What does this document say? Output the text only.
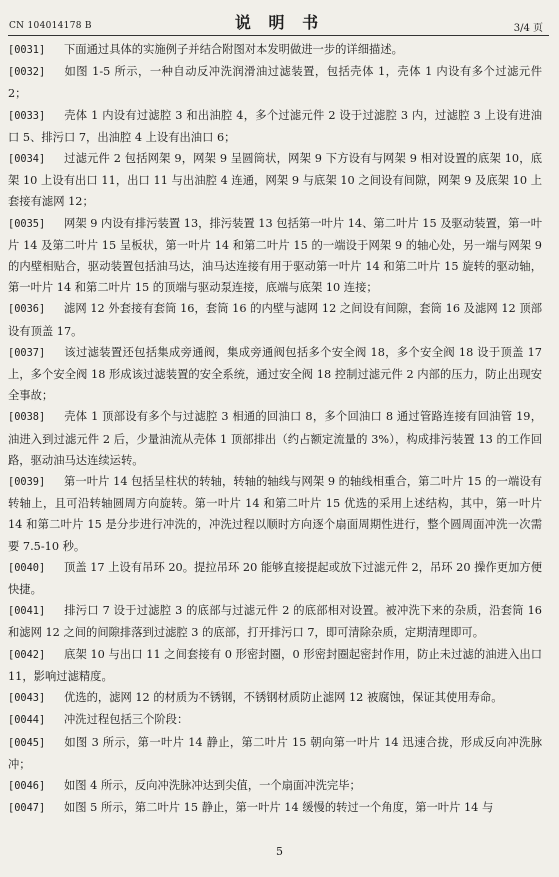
CN 104014178 B	说 明 书	3/4 页

[0031] 下面通过具体的实施例子并结合附图对本发明做进一步的详细描述。

[0032] 如图 1-5 所示，一种自动反冲洗润滑油过滤装置，包括壳体 1，壳体 1 内设有多个过滤元件 2；

[0033] 壳体 1 内设有过滤腔 3 和出油腔 4，多个过滤元件 2 设于过滤腔 3 内，过滤腔 3 上设有进油口 5、排污口 7，出油腔 4 上设有出油口 6；

[0034] 过滤元件 2 包括网架 9，网架 9 呈圆筒状，网架 9 下方设有与网架 9 相对设置的底架 10，底架 10 上设有出口 11，出口 11 与出油腔 4 连通，网架 9 与底架 10 之间设有间隙，网架 9 及底架 10 上套接有滤网 12；

[0035] 网架 9 内设有排污装置 13，排污装置 13 包括第一叶片 14、第二叶片 15 及驱动装置，第一叶片 14 及第二叶片 15 呈板状，第一叶片 14 和第二叶片 15 的一端设于网架 9 的轴心处，另一端与网架 9 的内壁相贴合，驱动装置包括油马达，油马达连接有用于驱动第一叶片 14 和第二叶片 15 旋转的驱动轴，第一叶片 14 和第二叶片 15 的顶端与驱动泵连接，底端与底架 10 连接；

[0036] 滤网 12 外套接有套筒 16，套筒 16 的内壁与滤网 12 之间设有间隙，套筒 16 及滤网 12 顶部设有顶盖 17。

[0037] 该过滤装置还包括集成旁通阀，集成旁通阀包括多个安全阀 18，多个安全阀 18 设于顶盖 17 上，多个安全阀 18 形成该过滤装置的安全系统，通过安全阀 18 控制过滤元件 2 内部的压力，防止出现安全事故；

[0038] 壳体 1 顶部设有多个与过滤腔 3 相通的回油口 8，多个回油口 8 通过管路连接有回油管 19，油进入到过滤元件 2 后，少量油流从壳体 1 顶部排出（约占额定流量的 3%），构成排污装置 13 的工作回路，驱动油马达连续运转。

[0039] 第一叶片 14 包括呈柱状的转轴，转轴的轴线与网架 9 的轴线相重合，第二叶片 15 的一端设有转轴上，且可沿转轴圆周方向旋转。第一叶片 14 和第二叶片 15 优选的采用上述结构，其中，第一叶片 14 和第二叶片 15 是分步进行冲洗的，冲洗过程以顺时方向逐个扇面周期性进行，整个圆周面冲洗一次需要 7.5-10 秒。

[0040] 顶盖 17 上设有吊环 20。提拉吊环 20 能够直接提起或放下过滤元件 2，吊环 20 操作更加方便快捷。

[0041] 排污口 7 设于过滤腔 3 的底部与过滤元件 2 的底部相对设置。被冲洗下来的杂质，沿套筒 16 和滤网 12 之间的间隙排落到过滤腔 3 的底部，打开排污口 7，即可清除杂质，定期清理即可。

[0042] 底架 10 与出口 11 之间套接有 0 形密封圈，0 形密封圈起密封作用，防止未过滤的油进入出口 11，影响过滤精度。

[0043] 优选的，滤网 12 的材质为不锈钢，不锈钢材质防止滤网 12 被腐蚀，保证其使用寿命。

[0044] 冲洗过程包括三个阶段：

[0045] 如图 3 所示，第一叶片 14 静止，第二叶片 15 朝向第一叶片 14 迅速合拢，形成反向冲洗脉冲；

[0046] 如图 4 所示，反向冲洗脉冲达到尖值，一个扇面冲洗完毕；

[0047] 如图 5 所示，第二叶片 15 静止，第一叶片 14 缓慢的转过一个角度，第一叶片 14 与

5
